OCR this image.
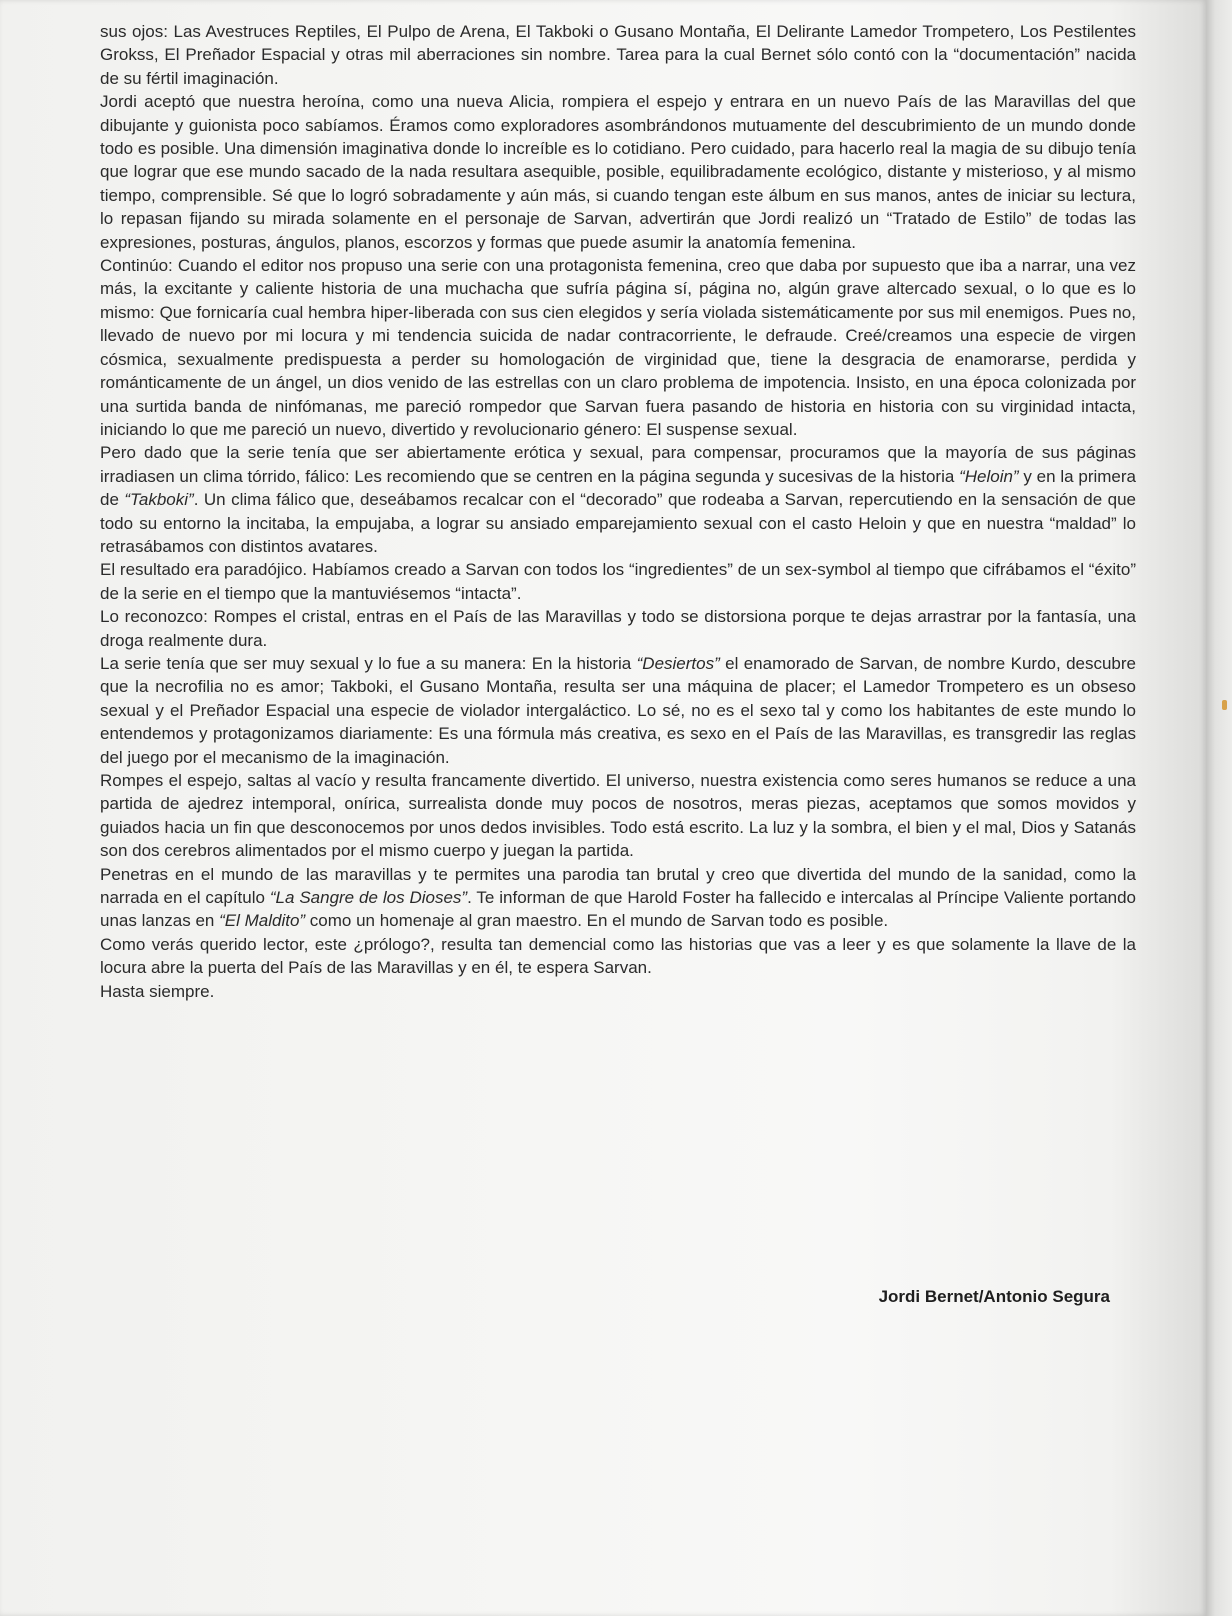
sus ojos: Las Avestruces Reptiles, El Pulpo de Arena, El Takboki o Gusano Montaña, El Delirante Lamedor Trompetero, Los Pestilentes Grokss, El Preñador Espacial y otras mil aberraciones sin nombre. Tarea para la cual Bernet sólo contó con la “documentación” nacida de su fértil imaginación.

Jordi aceptó que nuestra heroína, como una nueva Alicia, rompiera el espejo y entrara en un nuevo País de las Maravillas del que dibujante y guionista poco sabíamos. Éramos como exploradores asombrándonos mutuamente del descubrimiento de un mundo donde todo es posible. Una dimensión imaginativa donde lo increíble es lo cotidiano. Pero cuidado, para hacerlo real la magia de su dibujo tenía que lograr que ese mundo sacado de la nada resultara asequible, posible, equilibradamente ecológico, distante y misterioso, y al mismo tiempo, comprensible. Sé que lo logró sobradamente y aún más, si cuando tengan este álbum en sus manos, antes de iniciar su lectura, lo repasan fijando su mirada solamente en el personaje de Sarvan, advertirán que Jordi realizó un “Tratado de Estilo” de todas las expresiones, posturas, ángulos, planos, escorzos y formas que puede asumir la anatomía femenina.

Continúo: Cuando el editor nos propuso una serie con una protagonista femenina, creo que daba por supuesto que iba a narrar, una vez más, la excitante y caliente historia de una muchacha que sufría página sí, página no, algún grave altercado sexual, o lo que es lo mismo: Que fornicaría cual hembra hiper-liberada con sus cien elegidos y sería violada sistemáticamente por sus mil enemigos. Pues no, llevado de nuevo por mi locura y mi tendencia suicida de nadar contracorriente, le defraude. Creé/creamos una especie de virgen cósmica, sexualmente predispuesta a perder su homologación de virginidad que, tiene la desgracia de enamorarse, perdida y románticamente de un ángel, un dios venido de las estrellas con un claro problema de impotencia. Insisto, en una época colonizada por una surtida banda de ninfómanas, me pareció rompedor que Sarvan fuera pasando de historia en historia con su virginidad intacta, iniciando lo que me pareció un nuevo, divertido y revolucionario género: El suspense sexual.

Pero dado que la serie tenía que ser abiertamente erótica y sexual, para compensar, procuramos que la mayoría de sus páginas irradiasen un clima tórrido, fálico: Les recomiendo que se centren en la página segunda y sucesivas de la historia “Heloin” y en la primera de “Takboki”. Un clima fálico que, deseábamos recalcar con el “decorado” que rodeaba a Sarvan, repercutiendo en la sensación de que todo su entorno la incitaba, la empujaba, a lograr su ansiado emparejamiento sexual con el casto Heloin y que en nuestra “maldad” lo retrasábamos con distintos avatares.

El resultado era paradójico. Habíamos creado a Sarvan con todos los “ingredientes” de un sex-symbol al tiempo que cifrábamos el “éxito” de la serie en el tiempo que la mantuviésemos “intacta”.

Lo reconozco: Rompes el cristal, entras en el País de las Maravillas y todo se distorsiona porque te dejas arrastrar por la fantasía, una droga realmente dura.

La serie tenía que ser muy sexual y lo fue a su manera: En la historia “Desiertos” el enamorado de Sarvan, de nombre Kurdo, descubre que la necrofilia no es amor; Takboki, el Gusano Montaña, resulta ser una máquina de placer; el Lamedor Trompetero es un obseso sexual y el Preñador Espacial una especie de violador intergaláctico. Lo sé, no es el sexo tal y como los habitantes de este mundo lo entendemos y protagonizamos diariamente: Es una fórmula más creativa, es sexo en el País de las Maravillas, es transgredir las reglas del juego por el mecanismo de la imaginación.

Rompes el espejo, saltas al vacío y resulta francamente divertido. El universo, nuestra existencia como seres humanos se reduce a una partida de ajedrez intemporal, onírica, surrealista donde muy pocos de nosotros, meras piezas, aceptamos que somos movidos y guiados hacia un fin que desconocemos por unos dedos invisibles. Todo está escrito. La luz y la sombra, el bien y el mal, Dios y Satanás son dos cerebros alimentados por el mismo cuerpo y juegan la partida.

Penetras en el mundo de las maravillas y te permites una parodia tan brutal y creo que divertida del mundo de la sanidad, como la narrada en el capítulo “La Sangre de los Dioses”. Te informan de que Harold Foster ha fallecido e intercalas al Príncipe Valiente portando unas lanzas en “El Maldito” como un homenaje al gran maestro. En el mundo de Sarvan todo es posible.

Como verás querido lector, este ¿prólogo?, resulta tan demencial como las historias que vas a leer y es que solamente la llave de la locura abre la puerta del País de las Maravillas y en él, te espera Sarvan.

Hasta siempre.

Jordi Bernet/Antonio Segura
